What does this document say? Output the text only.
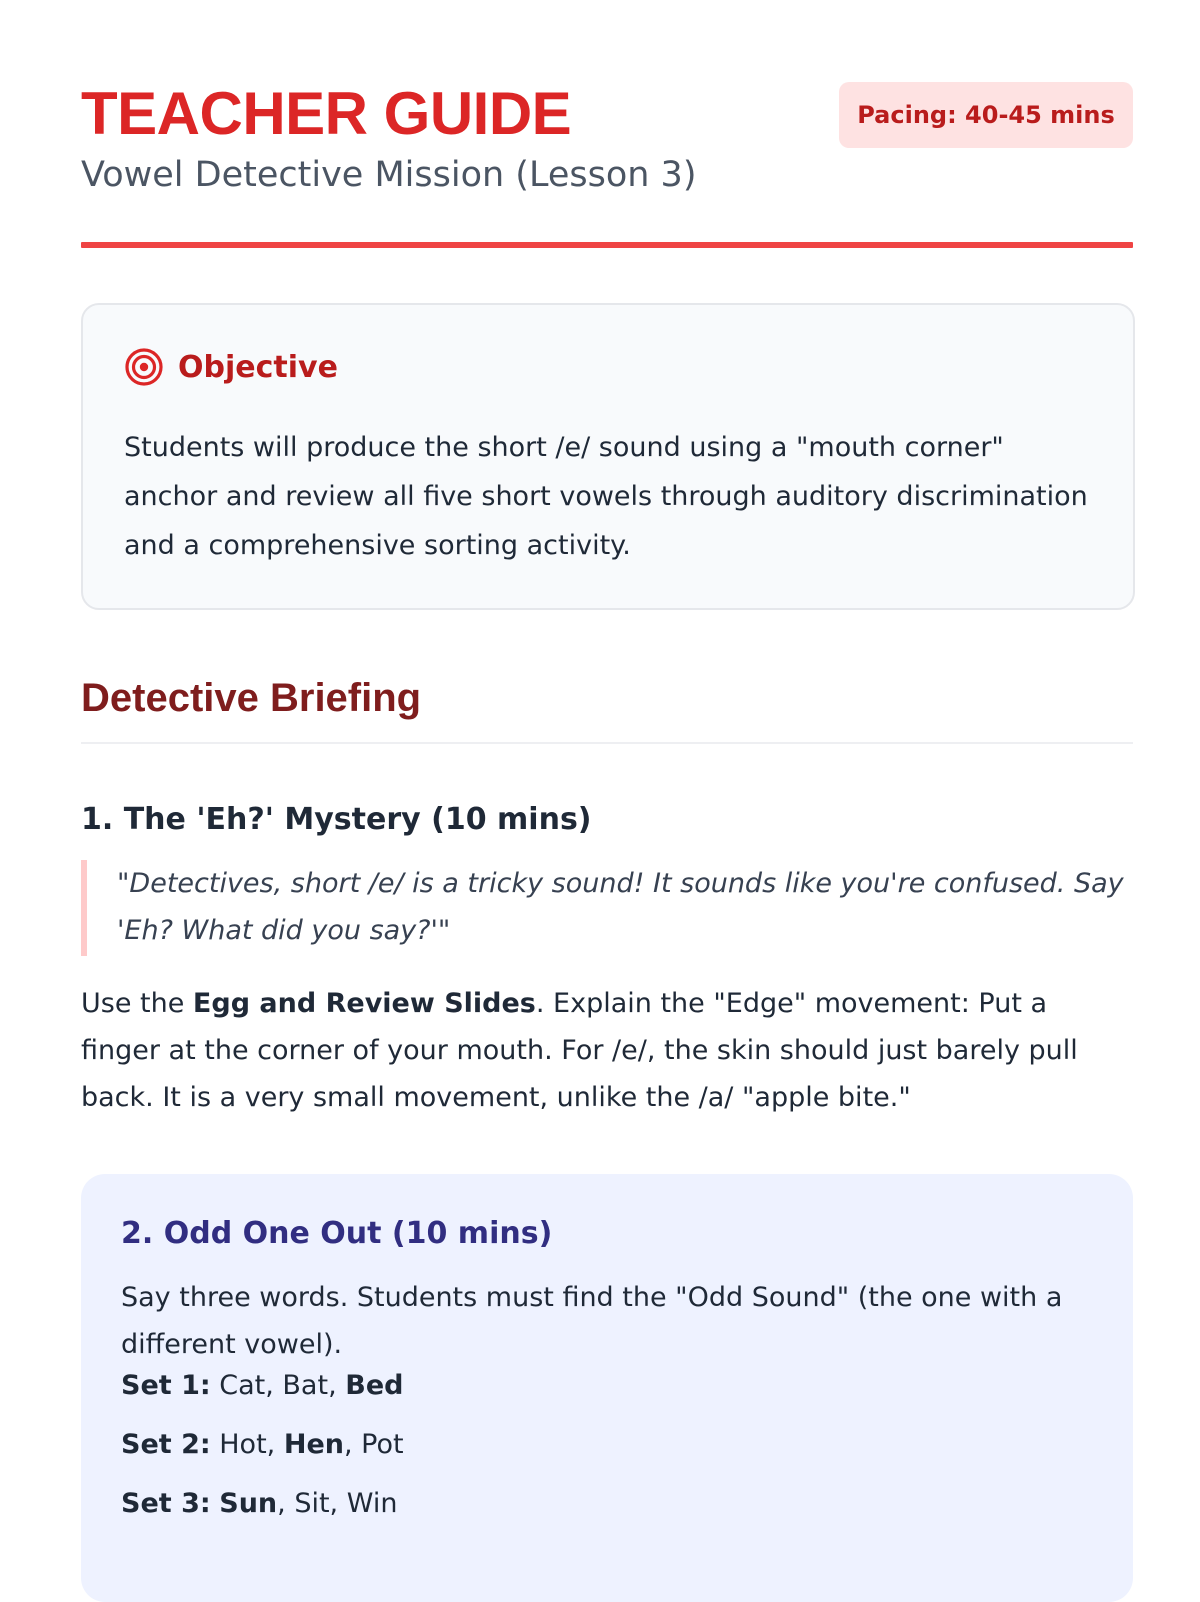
TEACHER GUIDE
Vowel Detective Mission (Lesson 3)
Pacing: 40-45 mins
Objective

Students will produce the short /e/ sound using a "mouth corner" anchor and review all five short vowels through auditory discrimination and a comprehensive sorting activity.

Detective Briefing
1. The 'Eh?' Mystery (10 mins)

"Detectives, short /e/ is a tricky sound! It sounds like you're confused. Say 'Eh? What did you say?'"

Use the Egg and Review Slides. Explain the "Edge" movement: Put a finger at the corner of your mouth. For /e/, the skin should just barely pull back. It is a very small movement, unlike the /a/ "apple bite."

2. Odd One Out (10 mins)

Say three words. Students must find the "Odd Sound" (the one with a different vowel).

Set 1: Cat, Bat, Bed

Set 2: Hot, Hen, Pot

Set 3: Sun, Sit, Win
